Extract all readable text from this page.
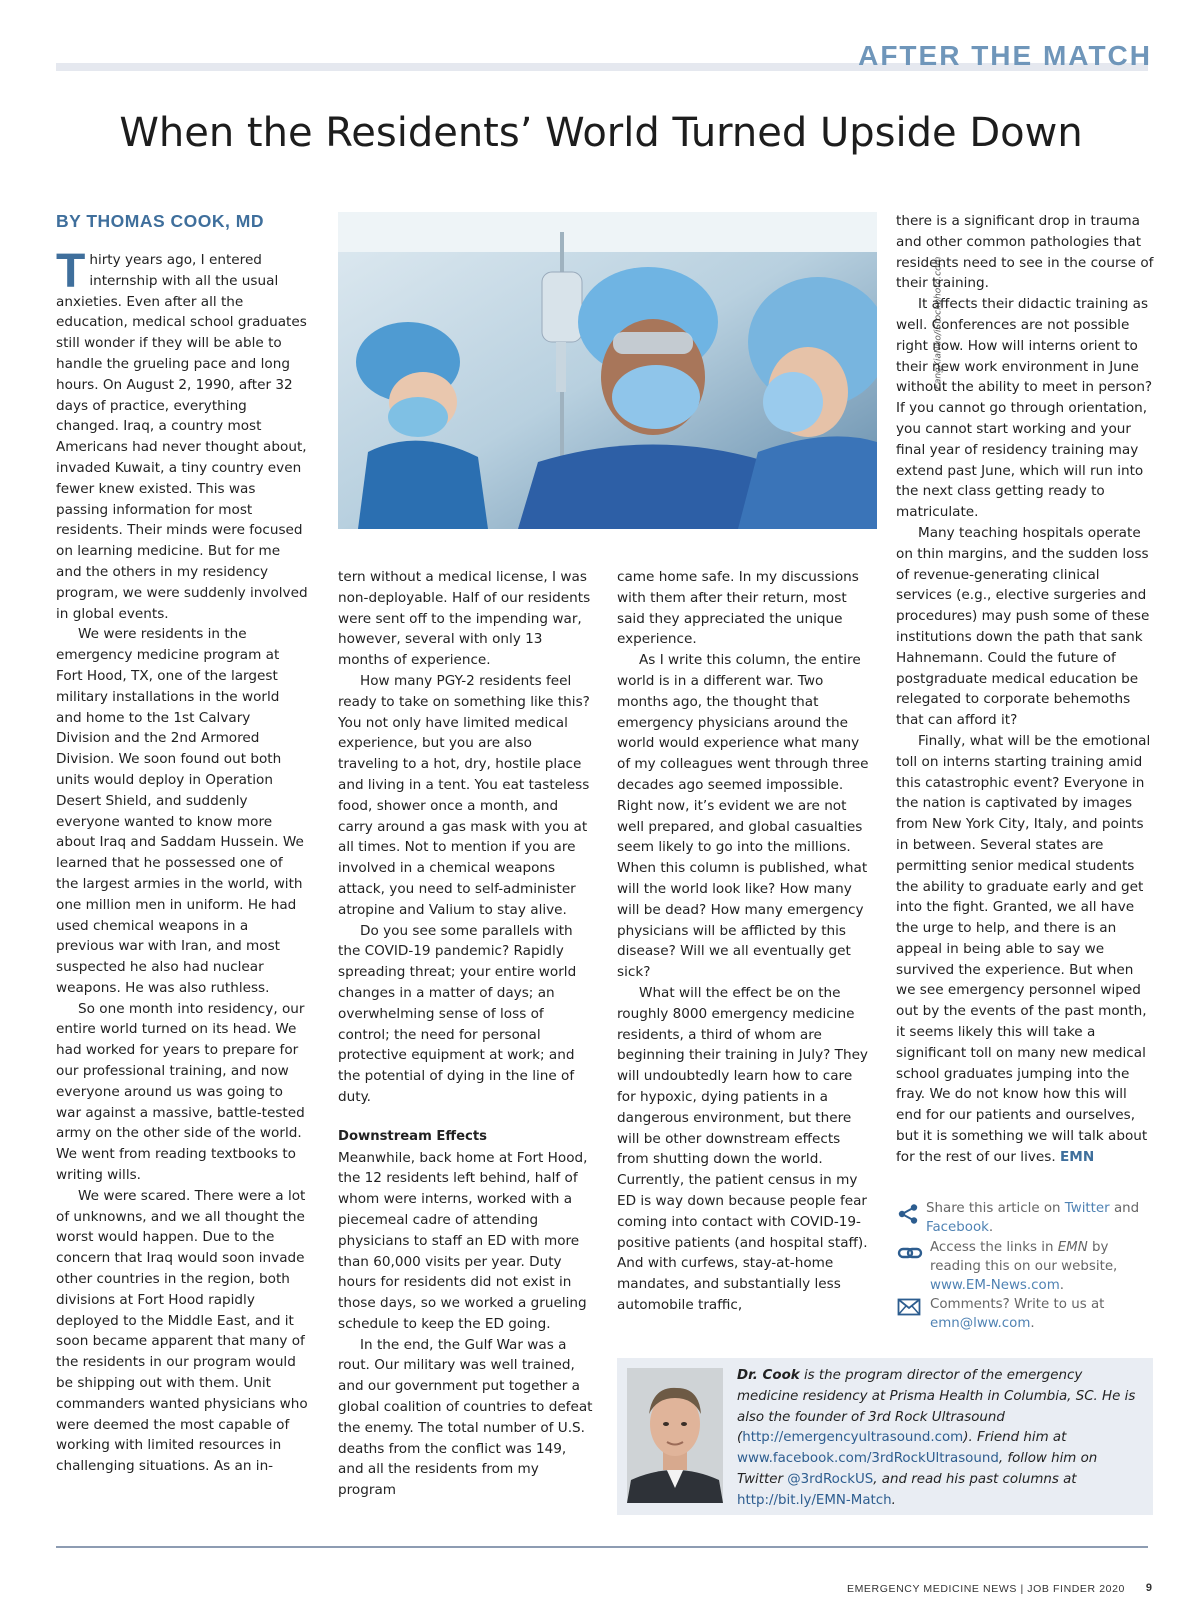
AFTER THE MATCH
When the Residents’ World Turned Upside Down
BY THOMAS COOK, MD
FangXiaNuo/iStockphoto.com
T hirty years ago, I entered internship with all the usual anxieties. Even after all the education, medical school graduates still wonder if they will be able to handle the grueling pace and long hours. On August 2, 1990, after 32 days of practice, everything changed. Iraq, a country most Americans had never thought about, invaded Kuwait, a tiny country even fewer knew existed. This was passing information for most residents. Their minds were focused on learning medicine. But for me and the others in my residency program, we were suddenly involved in global events.

We were residents in the emergency medicine program at Fort Hood, TX, one of the largest military installations in the world and home to the 1st Calvary Division and the 2nd Armored Division. We soon found out both units would deploy in Operation Desert Shield, and suddenly everyone wanted to know more about Iraq and Saddam Hussein. We learned that he possessed one of the largest armies in the world, with one million men in uniform. He had used chemical weapons in a previous war with Iran, and most suspected he also had nuclear weapons. He was also ruthless.

So one month into residency, our entire world turned on its head. We had worked for years to prepare for our professional training, and now everyone around us was going to war against a massive, battle-tested army on the other side of the world. We went from reading textbooks to writing wills.

We were scared. There were a lot of unknowns, and we all thought the worst would happen. Due to the concern that Iraq would soon invade other countries in the region, both divisions at Fort Hood rapidly deployed to the Middle East, and it soon became apparent that many of the residents in our program would be shipping out with them. Unit commanders wanted physicians who were deemed the most capable of working with limited resources in challenging situations. As an in-

tern without a medical license, I was non-deployable. Half of our residents were sent off to the impending war, however, several with only 13 months of experience.

How many PGY-2 residents feel ready to take on something like this? You not only have limited medical experience, but you are also traveling to a hot, dry, hostile place and living in a tent. You eat tasteless food, shower once a month, and carry around a gas mask with you at all times. Not to mention if you are involved in a chemical weapons attack, you need to self-administer atropine and Valium to stay alive.

Do you see some parallels with the COVID-19 pandemic? Rapidly spreading threat; your entire world changes in a matter of days; an overwhelming sense of loss of control; the need for personal protective equipment at work; and the potential of dying in the line of duty.

Downstream Effects

Meanwhile, back home at Fort Hood, the 12 residents left behind, half of whom were interns, worked with a piecemeal cadre of attending physicians to staff an ED with more than 60,000 visits per year. Duty hours for residents did not exist in those days, so we worked a grueling schedule to keep the ED going.

In the end, the Gulf War was a rout. Our military was well trained, and our government put together a global coalition of countries to defeat the enemy. The total number of U.S. deaths from the conflict was 149, and all the residents from my program

came home safe. In my discussions with them after their return, most said they appreciated the unique experience.

As I write this column, the entire world is in a different war. Two months ago, the thought that emergency physicians around the world would experience what many of my colleagues went through three decades ago seemed impossible. Right now, it’s evident we are not well prepared, and global casualties seem likely to go into the millions. When this column is published, what will the world look like? How many will be dead? How many emergency physicians will be afflicted by this disease? Will we all eventually get sick?

What will the effect be on the roughly 8000 emergency medicine residents, a third of whom are beginning their training in July? They will undoubtedly learn how to care for hypoxic, dying patients in a dangerous environment, but there will be other downstream effects from shutting down the world. Currently, the patient census in my ED is way down because people fear coming into contact with COVID-19-positive patients (and hospital staff). And with curfews, stay-at-home mandates, and substantially less automobile traffic,

there is a significant drop in trauma and other common pathologies that residents need to see in the course of their training.

It affects their didactic training as well. Conferences are not possible right now. How will interns orient to their new work environment in June without the ability to meet in person? If you cannot go through orientation, you cannot start working and your final year of residency training may extend past June, which will run into the next class getting ready to matriculate.

Many teaching hospitals operate on thin margins, and the sudden loss of revenue-generating clinical services (e.g., elective surgeries and procedures) may push some of these institutions down the path that sank Hahnemann. Could the future of postgraduate medical education be relegated to corporate behemoths that can afford it?

Finally, what will be the emotional toll on interns starting training amid this catastrophic event? Everyone in the nation is captivated by images from New York City, Italy, and points in between. Several states are permitting senior medical students the ability to graduate early and get into the fight. Granted, we all have the urge to help, and there is an appeal in being able to say we survived the experience. But when we see emergency personnel wiped out by the events of the past month, it seems likely this will take a significant toll on many new medical school graduates jumping into the fray. We do not know how this will end for our patients and ourselves, but it is something we will talk about for the rest of our lives. EMN

Share this article on Twitter and Facebook.
Access the links in EMN by reading this on our website, www.EM-News.com.
Comments? Write to us at emn@lww.com.
Dr. Cook is the program director of the emergency medicine residency at Prisma Health in Columbia, SC. He is also the founder of 3rd Rock Ultrasound (http://emergencyultrasound.com). Friend him at www.facebook.com/3rdRockUltrasound, follow him on Twitter @3rdRockUS, and read his past columns at http://bit.ly/EMN-Match.
EMERGENCY MEDICINE NEWS | JOB FINDER 2020 9
